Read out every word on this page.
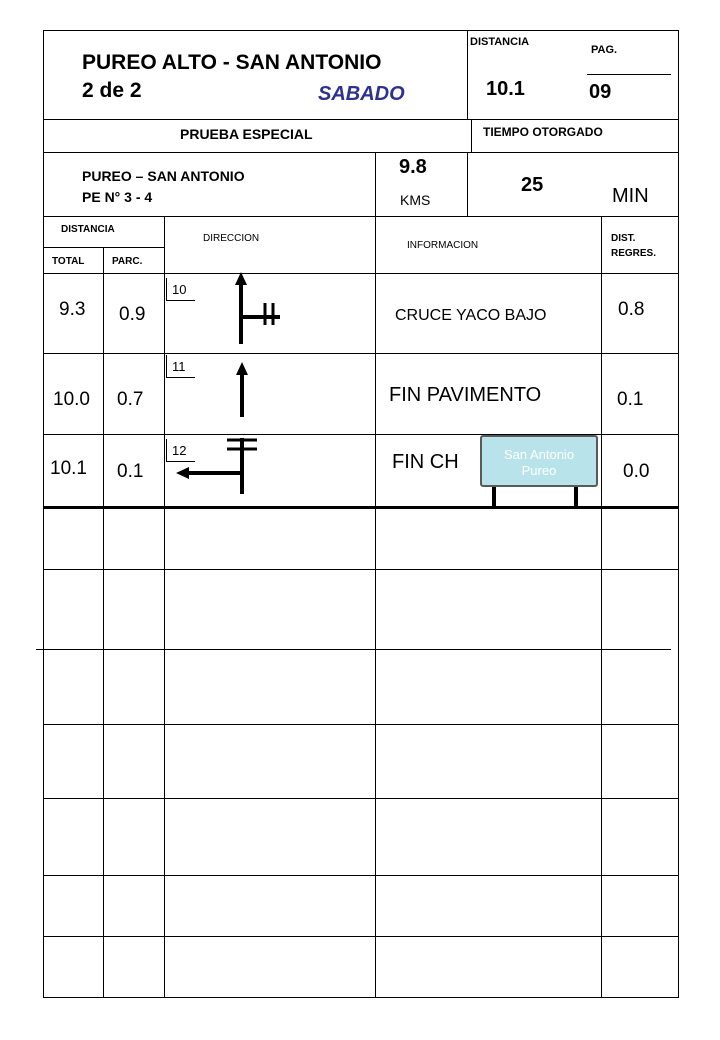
PUREO ALTO - SAN ANTONIO
2 de 2	SABADO
DISTANCIA
10.1
PAG.
09
PRUEBA ESPECIAL	TIEMPO OTORGADO
PUREO – SAN ANTONIO
PE N° 3 - 4
9.8
KMS
25	MIN
DISTANCIA
TOTAL	PARC.
DIRECCION
INFORMACION
DIST.
REGRES.
10
9.3 0.9	CRUCE YACO BAJO	0.8
11
10.0 0.7	FIN PAVIMENTO	0.1
12
10.1 0.1	FIN CH	0.0
San Antonio
Pureo
